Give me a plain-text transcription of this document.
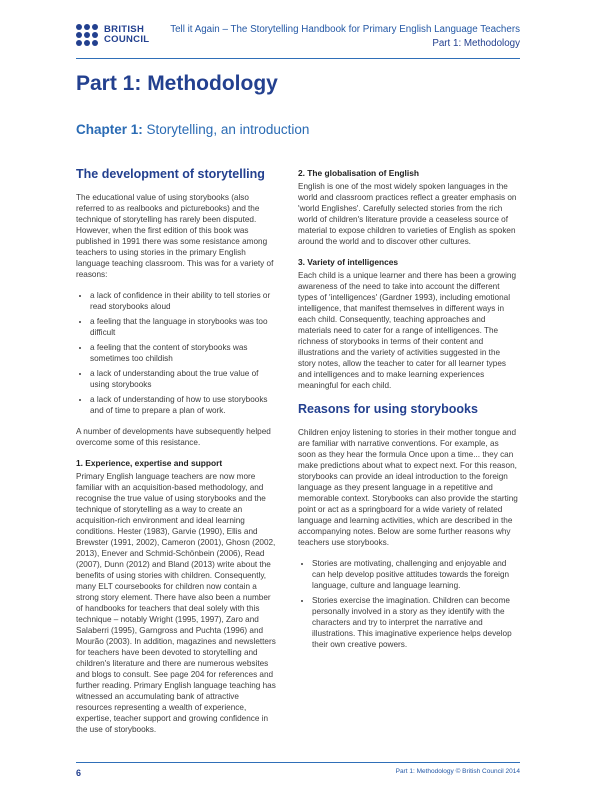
BRITISH
COUNCIL
Tell it Again – The Storytelling Handbook for Primary English Language Teachers
Part 1: Methodology
Part 1: Methodology
Chapter 1: Storytelling, an introduction
The development of storytelling

The educational value of using storybooks (also referred to as realbooks and picturebooks) and the technique of storytelling has rarely been disputed. However, when the first edition of this book was published in 1991 there was some resistance among teachers to using stories in the primary English language teaching classroom. This was for a variety of reasons:

• a lack of confidence in their ability to tell stories or read storybooks aloud
• a feeling that the language in storybooks was too difficult
• a feeling that the content of storybooks was sometimes too childish
• a lack of understanding about the true value of using storybooks
• a lack of understanding of how to use storybooks and of time to prepare a plan of work.

A number of developments have subsequently helped overcome some of this resistance.

1. Experience, expertise and support

Primary English language teachers are now more familiar with an acquisition-based methodology, and recognise the true value of using storybooks and the technique of storytelling as a way to create an acquisition-rich environment and ideal learning conditions. Hester (1983), Garvie (1990), Ellis and Brewster (1991, 2002), Cameron (2001), Ghosn (2002, 2013), Enever and Schmid-Schönbein (2006), Read (2007), Dunn (2012) and Bland (2013) write about the benefits of using stories with children. Consequently, many ELT coursebooks for children now contain a strong story element. There have also been a number of handbooks for teachers that deal solely with this technique – notably Wright (1995, 1997), Zaro and Salaberri (1995), Garngross and Puchta (1996) and Mourão (2003). In addition, magazines and newsletters for teachers have been devoted to storytelling and children's literature and there are numerous websites and blogs to consult. See page 204 for references and further reading. Primary English language teaching has witnessed an accumulating bank of attractive resources representing a wealth of experience, expertise, teacher support and growing confidence in the use of storybooks.

2. The globalisation of English

English is one of the most widely spoken languages in the world and classroom practices reflect a greater emphasis on 'world Englishes'. Carefully selected stories from the rich world of children's literature provide a ceaseless source of material to expose children to varieties of English as spoken around the world and to discover other cultures.

3. Variety of intelligences

Each child is a unique learner and there has been a growing awareness of the need to take into account the different types of 'intelligences' (Gardner 1993), including emotional intelligence, that manifest themselves in different ways in each child. Consequently, teaching approaches and materials need to cater for a range of intelligences. The richness of storybooks in terms of their content and illustrations and the variety of activities suggested in the story notes, allow the teacher to cater for all learner types and intelligences and to make learning experiences meaningful for each child.

Reasons for using storybooks

Children enjoy listening to stories in their mother tongue and are familiar with narrative conventions. For example, as soon as they hear the formula Once upon a time... they can make predictions about what to expect next. For this reason, storybooks can provide an ideal introduction to the foreign language as they present language in a repetitive and memorable context. Storybooks can also provide the starting point or act as a springboard for a wide variety of related language and learning activities, which are described in the accompanying notes. Below are some further reasons why teachers use storybooks.

• Stories are motivating, challenging and enjoyable and can help develop positive attitudes towards the foreign language, culture and language learning.
• Stories exercise the imagination. Children can become personally involved in a story as they identify with the characters and try to interpret the narrative and illustrations. This imaginative experience helps develop their own creative powers.
6	Part 1: Methodology © British Council 2014
